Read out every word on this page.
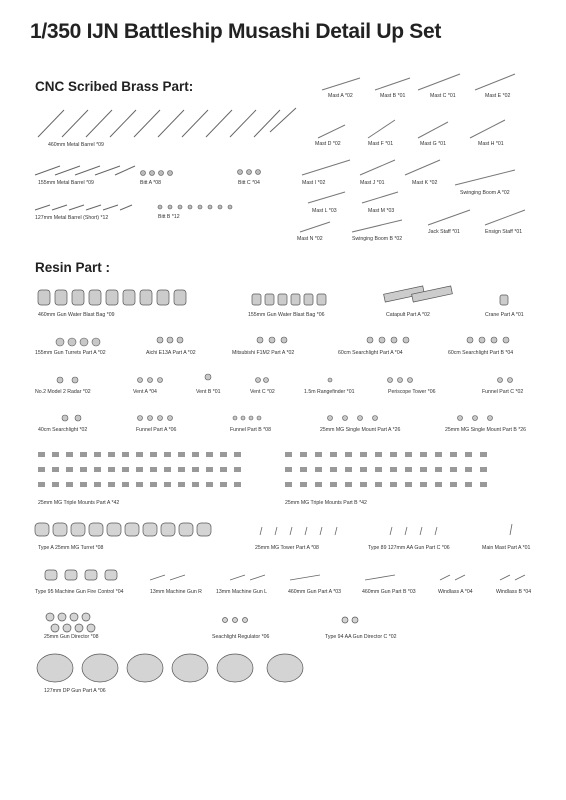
1/350 IJN Battleship Musashi Detail Up Set
CNC Scribed Brass Part:
Resin Part :
460mm Metal Barrel *09
155mm Metal Barrel *09	Bitt A *08	Bitt C *04
127mm Metal Barrel (Short) *12	Bitt B *12
Mast A *02	Mast B *01	Mast C *01	Mast E *02
Mast D *02	Mast F *01	Mast G *01	Mast H *01
Mast I *02	Mast J *01	Mast K *02
Swinging Boom A *02
Mast L *03	Mast M *03
Jack Staff *01	Ensign Staff *01
Mast N *02	Swinging Boom B *02
460mm Gun Water Blast Bag *09	155mm Gun Water Blast Bag *06	Catapult Part A *02	Crane Part A *01
155mm Gun Turrets Part A *02	Aichi E13A Part A *02	Mitsubishi F1M2 Part A *02	60cm Searchlight Part A *04	60cm Searchlight Part B *04
No.2 Model 2 Radar *02	Vent A *04	Vent B *01	Vent C *02	1.5m Rangefinder *01	Periscope Tower *06	Funnel Part C *02
40cm Searchlight *02	Funnel Part A *06	Funnel Part B *08	25mm MG Single Mount Part A *26	25mm MG Single Mount Part B *26
25mm MG Triple Mounts Part A *42	25mm MG Triple Mounts Part B *42
Type A 25mm MG Turret *08	25mm MG Tower Part A *08	Type 89 127mm AA Gun Part C *06	Main Mast Part A *01
Type 95 Machine Gun Fire Control *04	13mm Machine Gun R	13mm Machine Gun L	460mm Gun Part A *03	460mm Gun Part B *03	Windlass A *04	Windlass B *04
25mm Gun Director *08	Seachlight Regulator *06	Type 94 AA Gun Director C *02
127mm DP Gun Part A *06
